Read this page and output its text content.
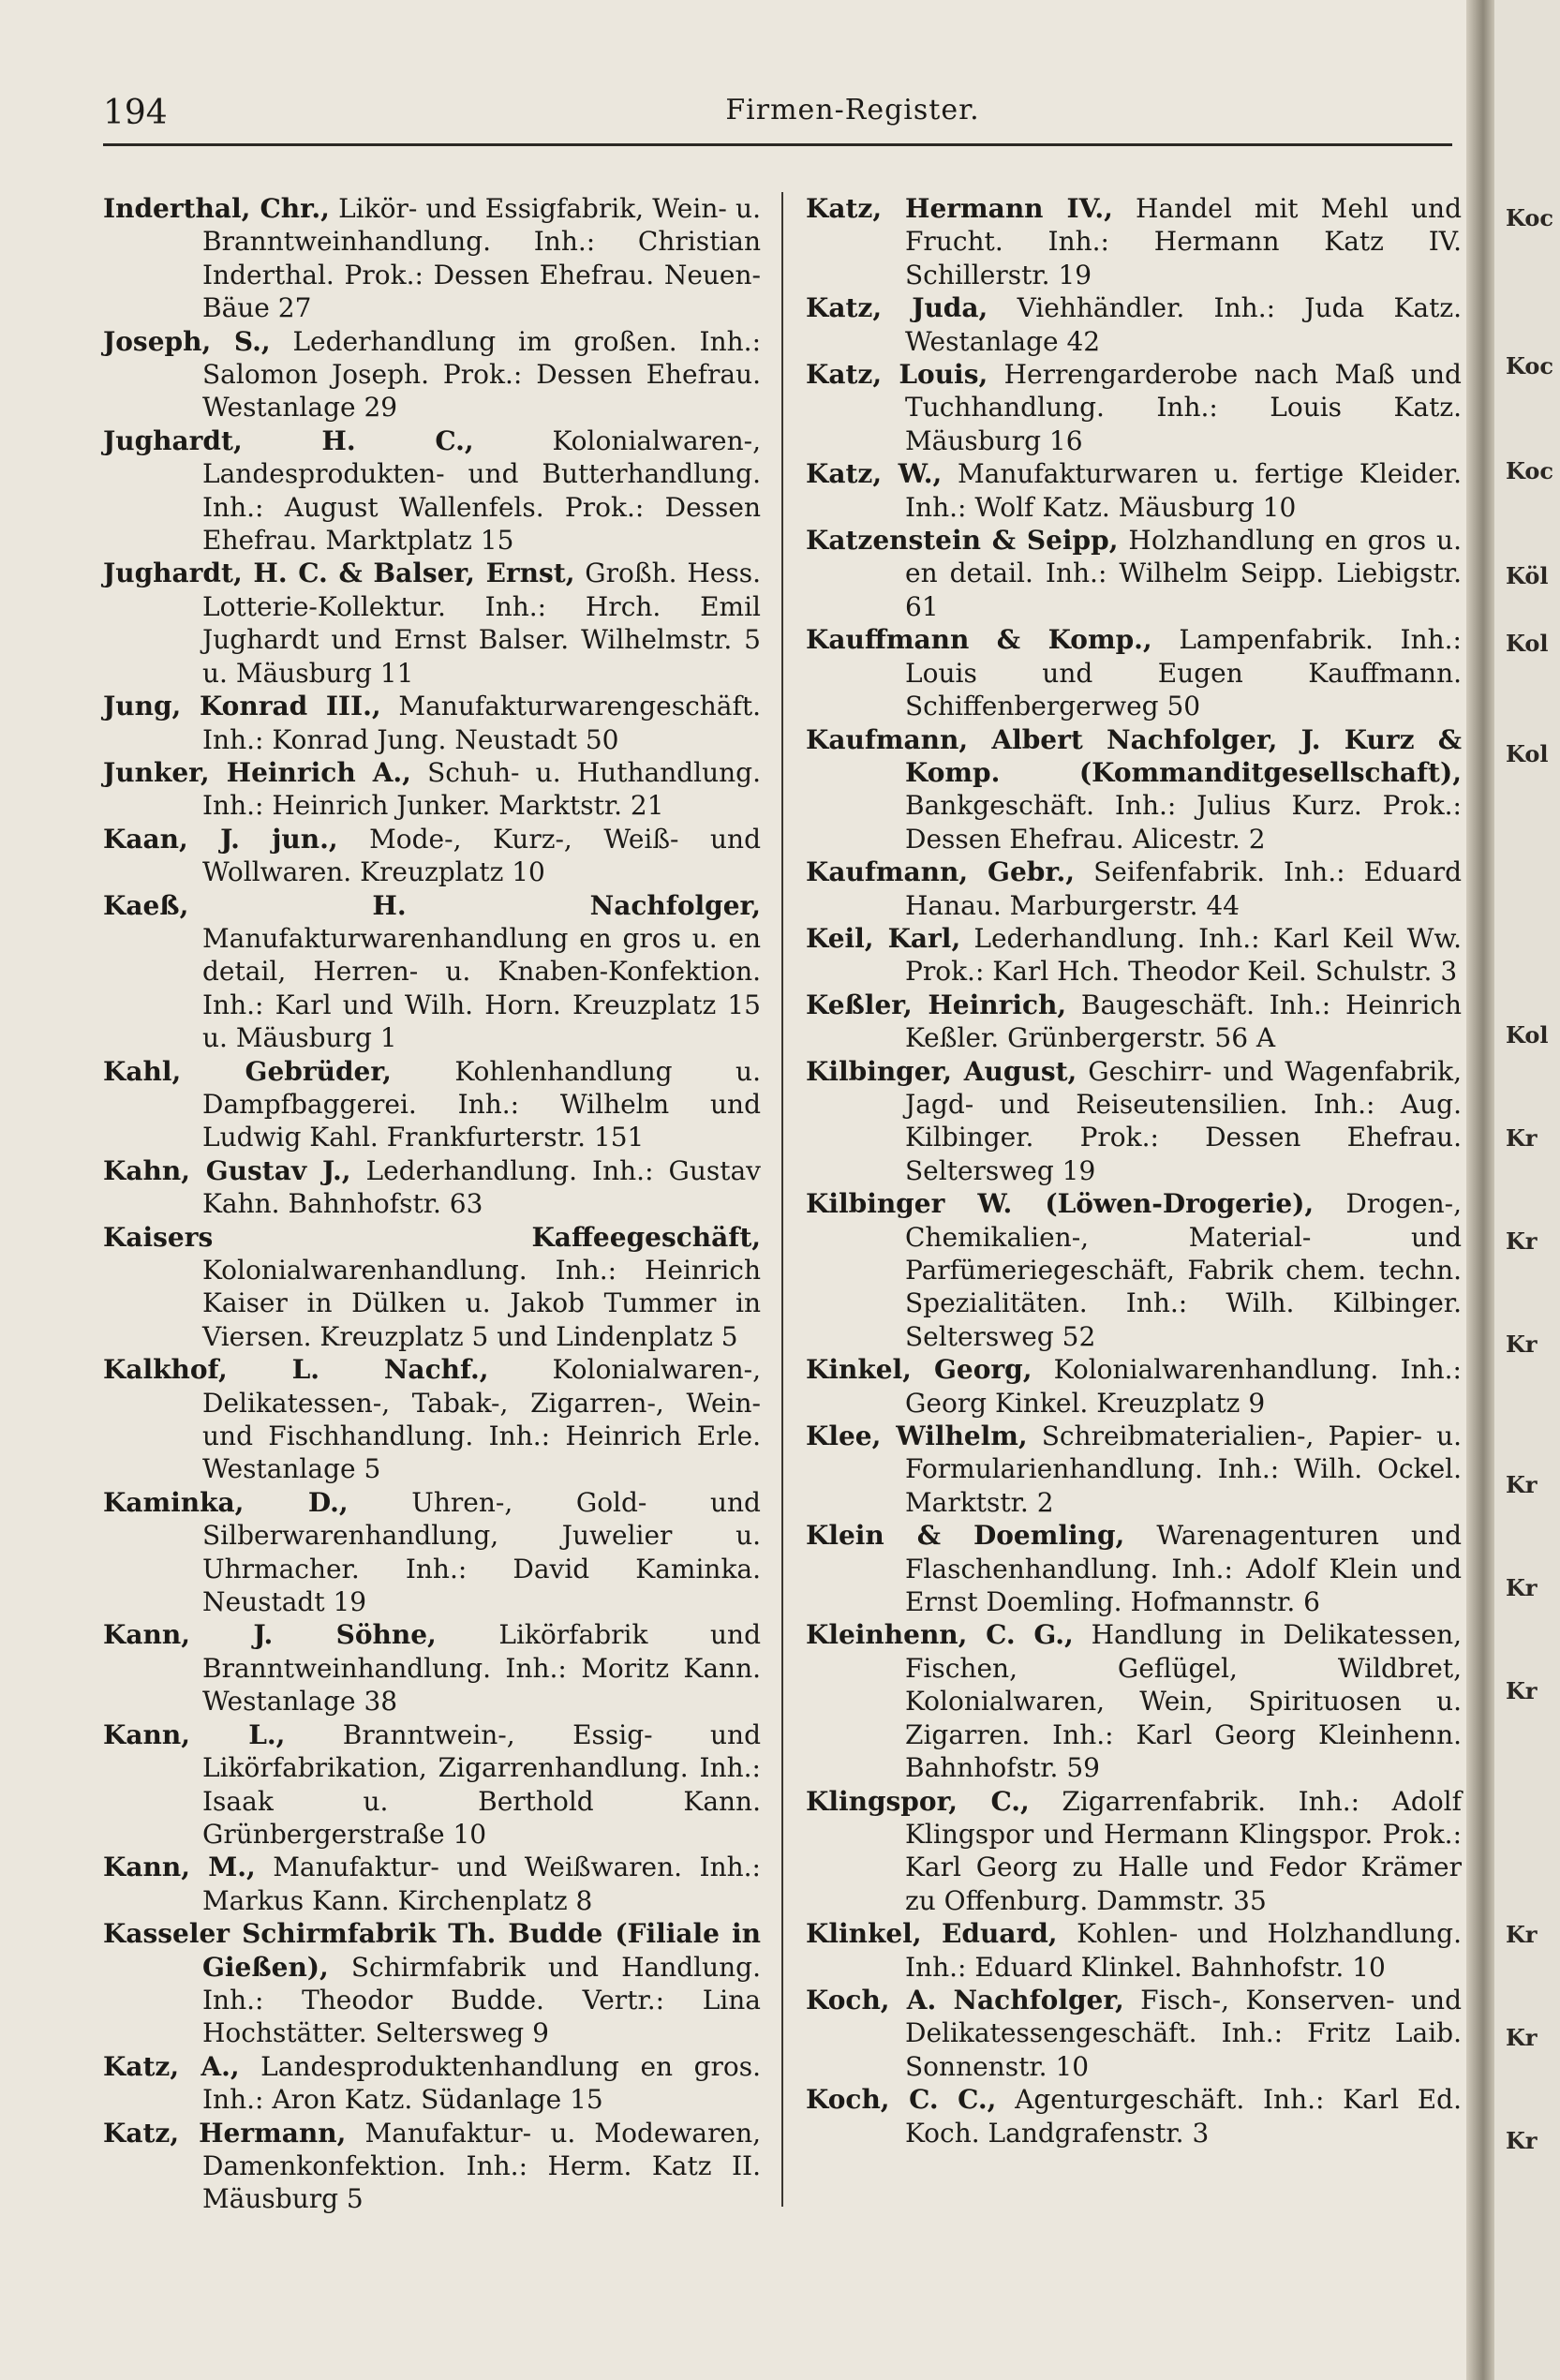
194	Firmen-Register.

Inderthal, Chr., Likör- und Essigfabrik, Wein- u. Branntweinhandlung. Inh.: Christian Inderthal. Prok.: Dessen Ehefrau. Neuen-Bäue 27

Joseph, S., Lederhandlung im großen. Inh.: Salomon Joseph. Prok.: Dessen Ehefrau. Westanlage 29

Jughardt, H. C., Kolonialwaren-, Landesprodukten- und Butterhandlung. Inh.: August Wallenfels. Prok.: Dessen Ehefrau. Marktplatz 15

Jughardt, H. C. & Balser, Ernst, Großh. Hess. Lotterie-Kollektur. Inh.: Hrch. Emil Jughardt und Ernst Balser. Wilhelmstr. 5 u. Mäusburg 11

Jung, Konrad III., Manufakturwarengeschäft. Inh.: Konrad Jung. Neustadt 50

Junker, Heinrich A., Schuh- u. Huthandlung. Inh.: Heinrich Junker. Marktstr. 21

Kaan, J. jun., Mode-, Kurz-, Weiß- und Wollwaren. Kreuzplatz 10

Kaeß, H. Nachfolger, Manufakturwarenhandlung en gros u. en detail, Herren- u. Knaben-Konfektion. Inh.: Karl und Wilh. Horn. Kreuzplatz 15 u. Mäusburg 1

Kahl, Gebrüder, Kohlenhandlung u. Dampfbaggerei. Inh.: Wilhelm und Ludwig Kahl. Frankfurterstr. 151

Kahn, Gustav J., Lederhandlung. Inh.: Gustav Kahn. Bahnhofstr. 63

Kaisers Kaffeegeschäft, Kolonialwarenhandlung. Inh.: Heinrich Kaiser in Dülken u. Jakob Tummer in Viersen. Kreuzplatz 5 und Lindenplatz 5

Kalkhof, L. Nachf., Kolonialwaren-, Delikatessen-, Tabak-, Zigarren-, Wein- und Fischhandlung. Inh.: Heinrich Erle. Westanlage 5

Kaminka, D., Uhren-, Gold- und Silberwarenhandlung, Juwelier u. Uhrmacher. Inh.: David Kaminka. Neustadt 19

Kann, J. Söhne, Likörfabrik und Branntweinhandlung. Inh.: Moritz Kann. Westanlage 38

Kann, L., Branntwein-, Essig- und Likörfabrikation, Zigarrenhandlung. Inh.: Isaak u. Berthold Kann. Grünbergerstraße 10

Kann, M., Manufaktur- und Weißwaren. Inh.: Markus Kann. Kirchenplatz 8

Kasseler Schirmfabrik Th. Budde (Filiale in Gießen), Schirmfabrik und Handlung. Inh.: Theodor Budde. Vertr.: Lina Hochstätter. Seltersweg 9

Katz, A., Landesproduktenhandlung en gros. Inh.: Aron Katz. Südanlage 15

Katz, Hermann, Manufaktur- u. Modewaren, Damenkonfektion. Inh.: Herm. Katz II. Mäusburg 5

Katz, Hermann IV., Handel mit Mehl und Frucht. Inh.: Hermann Katz IV. Schillerstr. 19

Katz, Juda, Viehhändler. Inh.: Juda Katz. Westanlage 42

Katz, Louis, Herrengarderobe nach Maß und Tuchhandlung. Inh.: Louis Katz. Mäusburg 16

Katz, W., Manufakturwaren u. fertige Kleider. Inh.: Wolf Katz. Mäusburg 10

Katzenstein & Seipp, Holzhandlung en gros u. en detail. Inh.: Wilhelm Seipp. Liebigstr. 61

Kauffmann & Komp., Lampenfabrik. Inh.: Louis und Eugen Kauffmann. Schiffenbergerweg 50

Kaufmann, Albert Nachfolger, J. Kurz & Komp. (Kommanditgesellschaft), Bankgeschäft. Inh.: Julius Kurz. Prok.: Dessen Ehefrau. Alicestr. 2

Kaufmann, Gebr., Seifenfabrik. Inh.: Eduard Hanau. Marburgerstr. 44

Keil, Karl, Lederhandlung. Inh.: Karl Keil Ww. Prok.: Karl Hch. Theodor Keil. Schulstr. 3

Keßler, Heinrich, Baugeschäft. Inh.: Heinrich Keßler. Grünbergerstr. 56 A

Kilbinger, August, Geschirr- und Wagenfabrik, Jagd- und Reiseutensilien. Inh.: Aug. Kilbinger. Prok.: Dessen Ehefrau. Seltersweg 19

Kilbinger W. (Löwen-Drogerie), Drogen-, Chemikalien-, Material- und Parfümeriegeschäft, Fabrik chem. techn. Spezialitäten. Inh.: Wilh. Kilbinger. Seltersweg 52

Kinkel, Georg, Kolonialwarenhandlung. Inh.: Georg Kinkel. Kreuzplatz 9

Klee, Wilhelm, Schreibmaterialien-, Papier- u. Formularienhandlung. Inh.: Wilh. Ockel. Marktstr. 2

Klein & Doemling, Warenagenturen und Flaschenhandlung. Inh.: Adolf Klein und Ernst Doemling. Hofmannstr. 6

Kleinhenn, C. G., Handlung in Delikatessen, Fischen, Geflügel, Wildbret, Kolonialwaren, Wein, Spirituosen u. Zigarren. Inh.: Karl Georg Kleinhenn. Bahnhofstr. 59

Klingspor, C., Zigarrenfabrik. Inh.: Adolf Klingspor und Hermann Klingspor. Prok.: Karl Georg zu Halle und Fedor Krämer zu Offenburg. Dammstr. 35

Klinkel, Eduard, Kohlen- und Holzhandlung. Inh.: Eduard Klinkel. Bahnhofstr. 10

Koch, A. Nachfolger, Fisch-, Konserven- und Delikatessengeschäft. Inh.: Fritz Laib. Sonnenstr. 10

Koch, C. C., Agenturgeschäft. Inh.: Karl Ed. Koch. Landgrafenstr. 3

Koc
Koc
Koc
Köl
Kol
Kol
Kol
Kr
Kr
Kr
Kr
Kr
Kr
Kr
Kr
Kr
